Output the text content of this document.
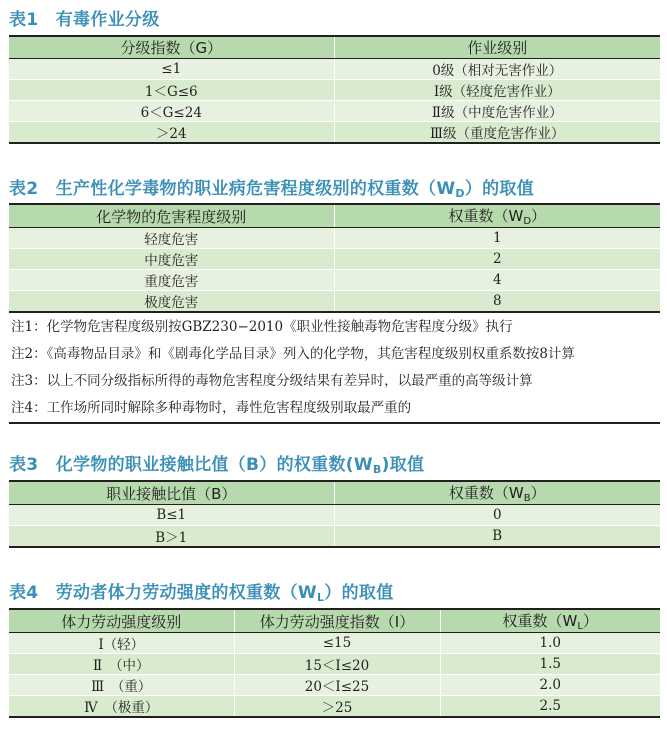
表1　有毒作业分级
分级指数（G）	作业级别
≤1	0级（相对无害作业）
1＜G≤6	Ⅰ级（轻度危害作业）
6＜G≤24	Ⅱ级（中度危害作业）
＞24	Ⅲ级（重度危害作业）
表2　生产性化学毒物的职业病危害程度级别的权重数$(W_D)$的取值
化学物的危害程度级别	权重数$(W_D)$
轻度危害	1
中度危害	2
重度危害	4
极度危害	8
注1：化学物危害程度级别按GBZ230−2010《职业性接触毒物危害程度分级》执行
注2：《高毒物品目录》和《剧毒化学品目录》列入的化学物，其危害程度级别权重系数按8计算
注3：以上不同分级指标所得的毒物危害程度分级结果有差异时，以最严重的高等级计算
注4：工作场所同时解除多种毒物时，毒性危害程度级别取最严重的
表3　化学物的职业接触比值（B）的权重数$(W_B)$取值
职业接触比值（B）	权重数$(W_B)$
B≤1	0
B＞1	B
表4　劳动者体力劳动强度的权重数$(W_L)$的取值
体力劳动强度级别	体力劳动强度指数（I）	权重数$(W_L)$
Ⅰ（轻）	≤15	1.0
Ⅱ　（中）	15＜I≤20	1.5
Ⅲ　（重）	20＜I≤25	2.0
Ⅳ　（极重）	＞25	2.5
